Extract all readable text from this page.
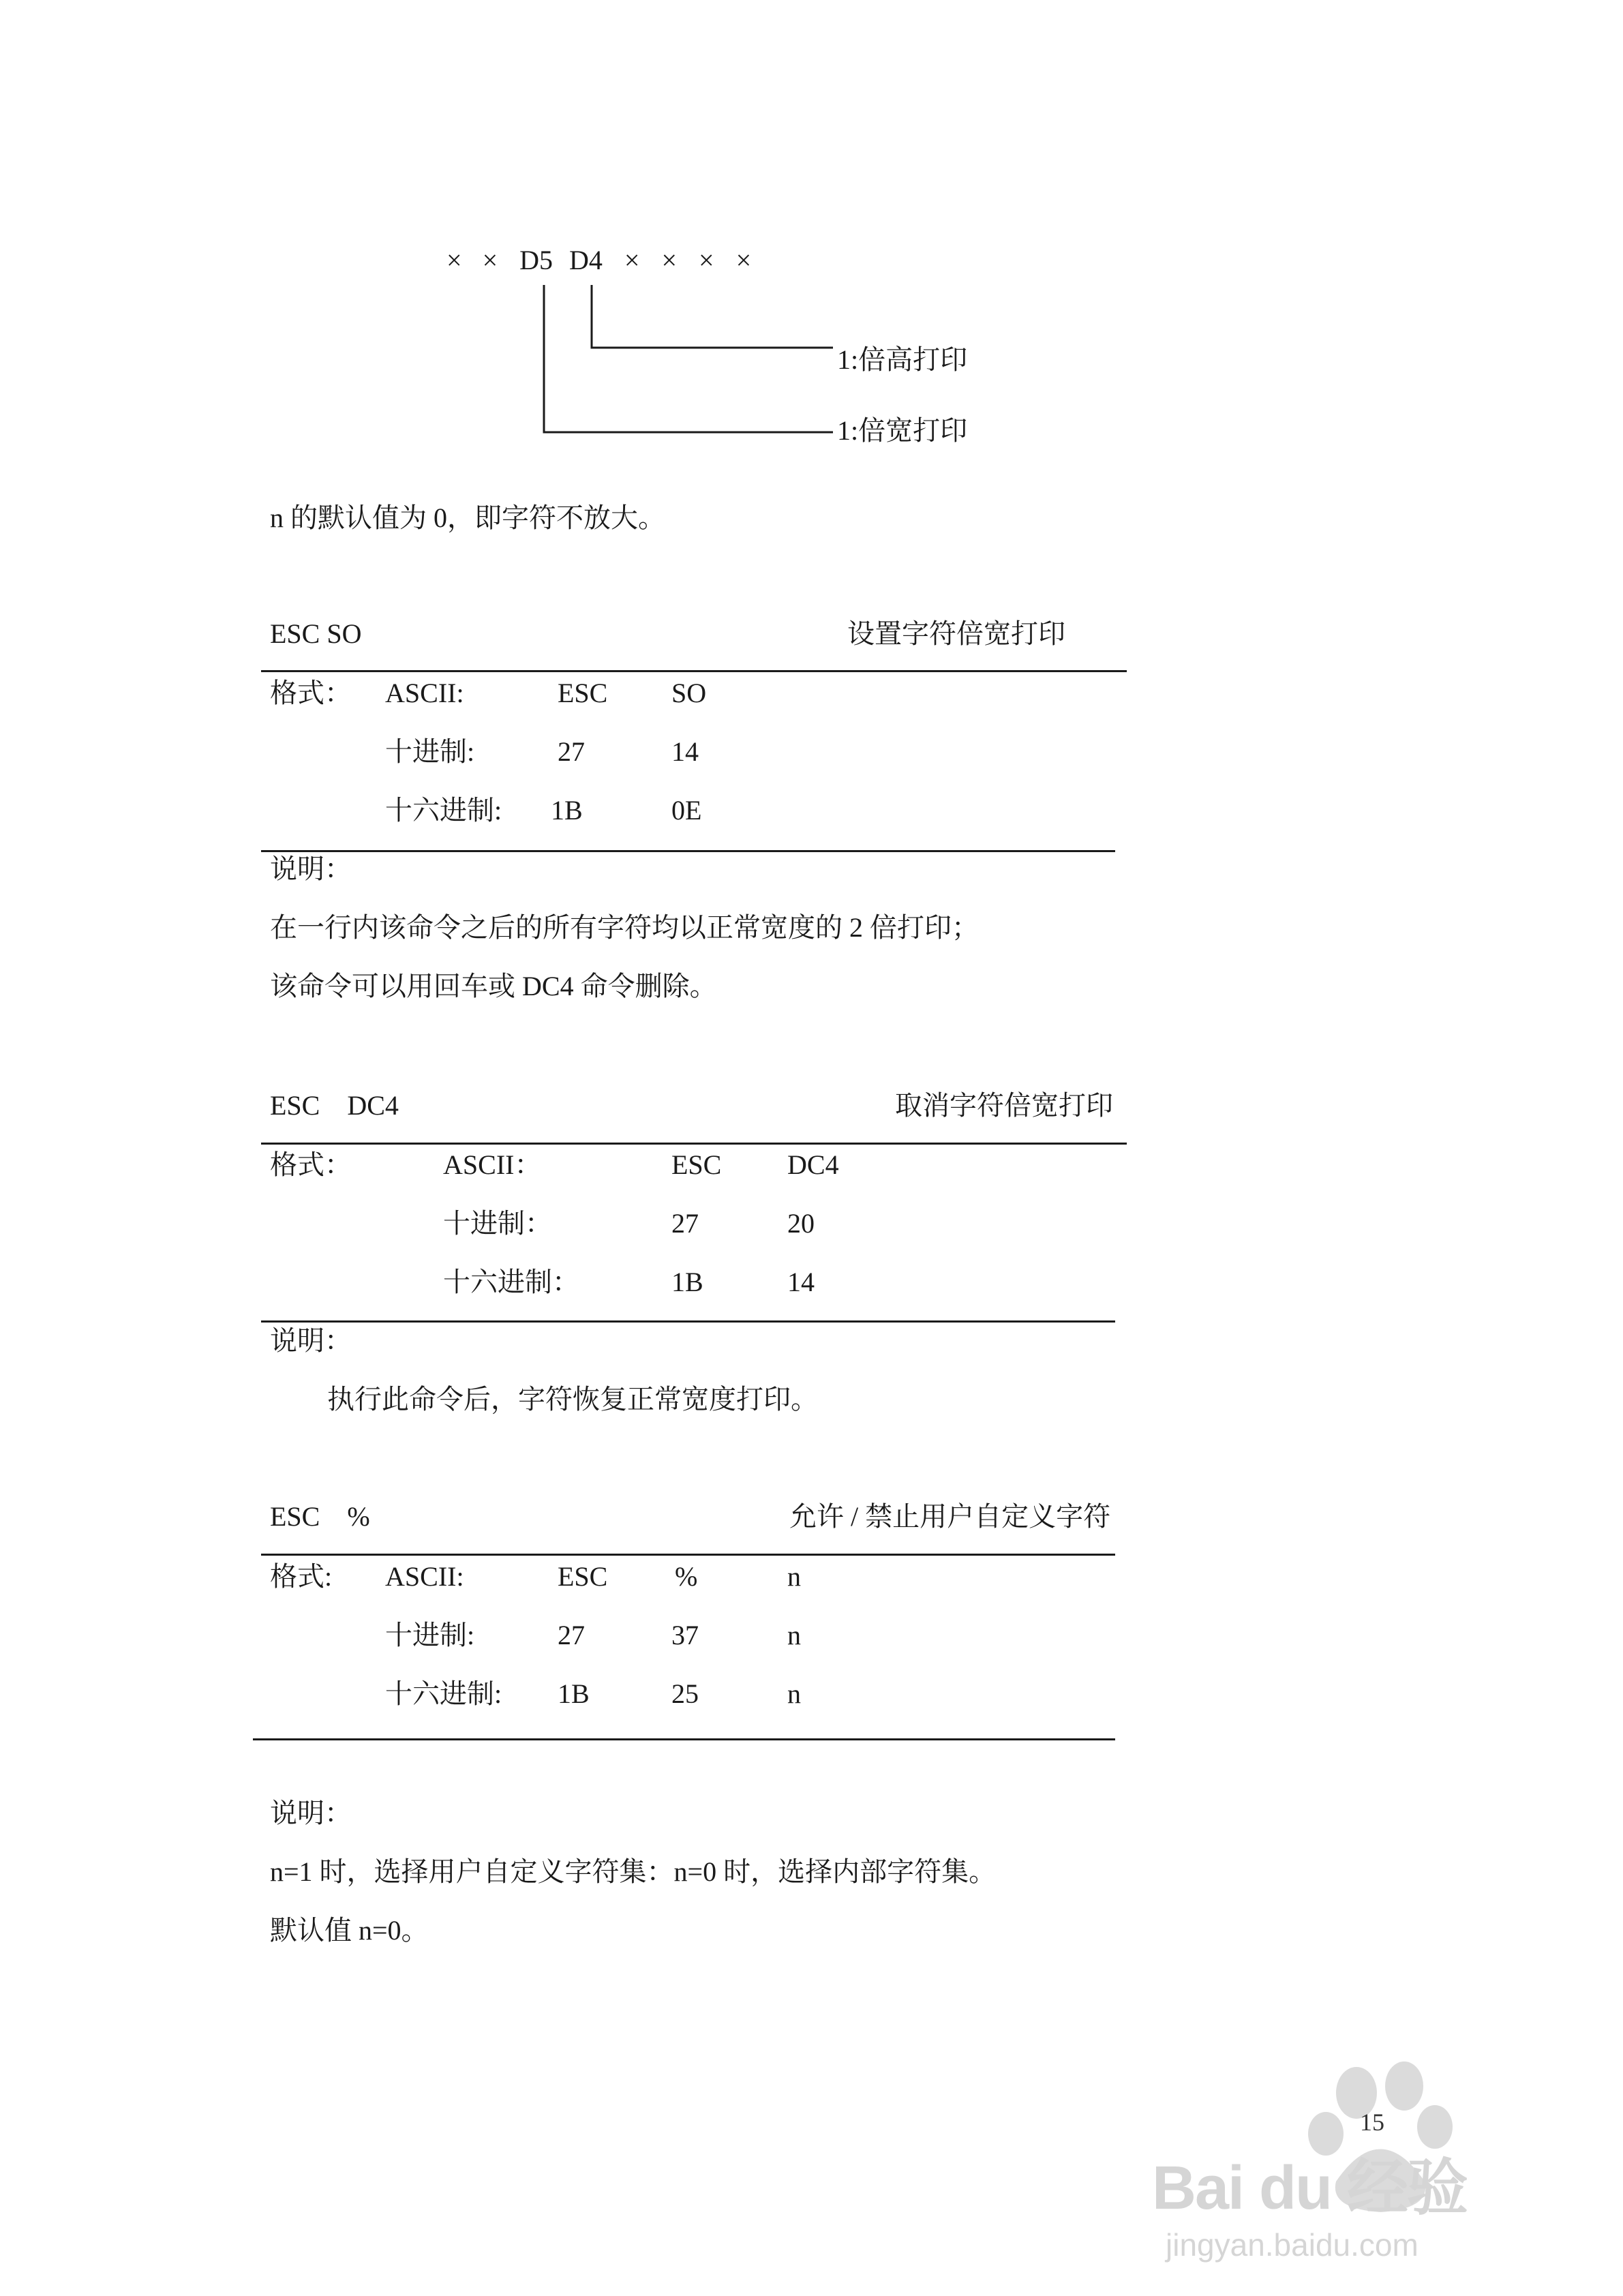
× × D5 D4 × × × ×
1:倍高打印
1:倍宽打印
n 的默认值为 0，即字符不放大。
ESC SO	设置字符倍宽打印
格式： ASCII:	ESC SO
十进制:	27	14
十六进制: 1B	0E
说明：
在一行内该命令之后的所有字符均以正常宽度的 2 倍打印；
该命令可以用回车或 DC4 命令删除。
ESC    DC4	取消字符倍宽打印
格式：	ASCII：	ESC DC4
十进制：	27	20
十六进制：	1B	14
说明：
执行此命令后，字符恢复正常宽度打印。
ESC    %	允许 / 禁止用户自定义字符
格式: ASCII:	ESC %	n
十进制:	27	37	n
十六进制: 1B	25	n
说明：
n=1 时，选择用户自定义字符集：n=0 时，选择内部字符集。
默认值 n=0。
Bai du 经验
jingyan.baidu.com
15
